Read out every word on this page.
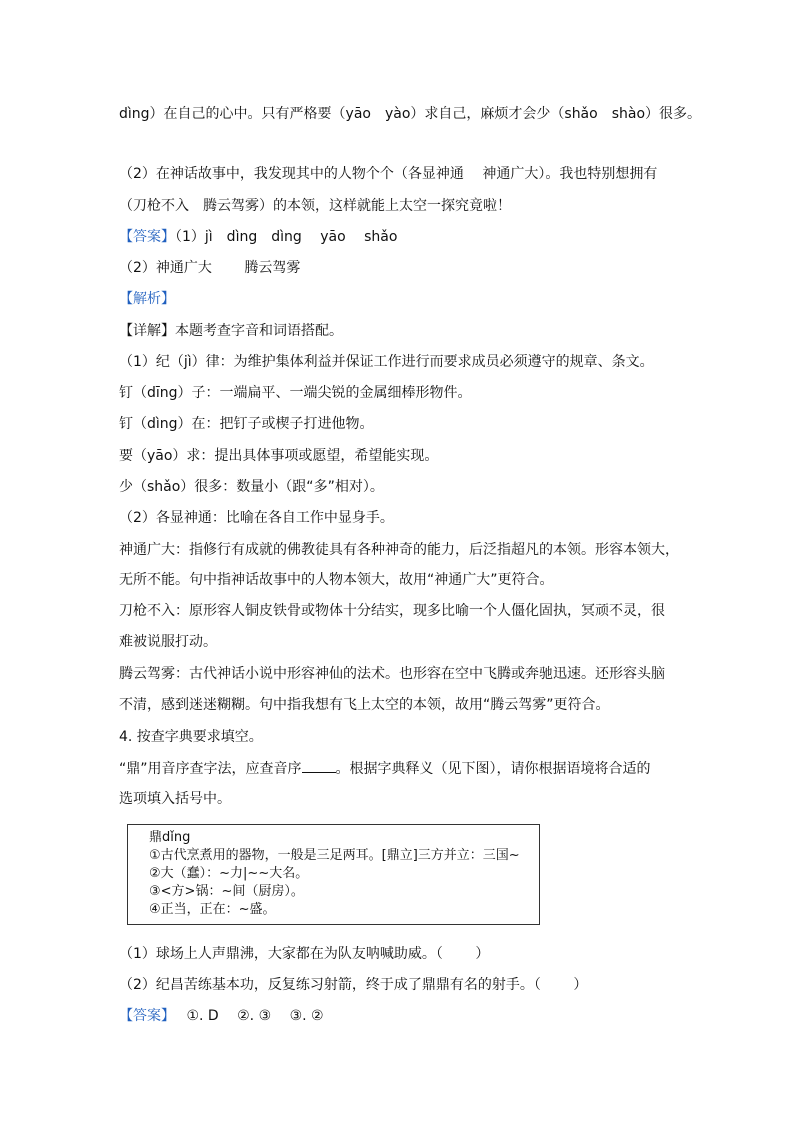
dìng）在自己的心中。只有严格要（yāo　yào）求自己，麻烦才会少（shǎo　shào）很多。
（2）在神话故事中，我发现其中的人物个个（各显神通　 神通广大）。我也特别想拥有
（刀枪不入　腾云驾雾）的本领，这样就能上太空一探究竟啦！
【答案】（1）jì　dìng　dìng　 yāo　 shǎo
（2）神通广大　　 腾云驾雾
【解析】
【详解】本题考查字音和词语搭配。
（1）纪（jì）律：为维护集体利益并保证工作进行而要求成员必须遵守的规章、条文。
钉（dīng）子：一端扁平、一端尖锐的金属细棒形物件。
钉（dìng）在：把钉子或楔子打进他物。
要（yāo）求：提出具体事项或愿望，希望能实现。
少（shǎo）很多：数量小（跟“多”相对）。
（2）各显神通：比喻在各自工作中显身手。
神通广大：指修行有成就的佛教徒具有各种神奇的能力，后泛指超凡的本领。形容本领大，
无所不能。句中指神话故事中的人物本领大，故用“神通广大”更符合。
刀枪不入：原形容人铜皮铁骨或物体十分结实，现多比喻一个人僵化固执，冥顽不灵，很
难被说服打动。
腾云驾雾：古代神话小说中形容神仙的法术。也形容在空中飞腾或奔驰迅速。还形容头脑
不清，感到迷迷糊糊。句中指我想有飞上太空的本领，故用“腾云驾雾”更符合。
4. 按查字典要求填空。
“鼎”用音序查字法，应查音序 。根据字典释义（见下图），请你根据语境将合适的
选项填入括号中。
鼎dǐng
①古代烹煮用的器物，一般是三足两耳。[鼎立]三方并立：三国~
②大（蠢）：~力|~~大名。
③<方>锅：~间（厨房）。
④正当，正在：~盛。
（1）球场上人声鼎沸，大家都在为队友呐喊助威。（　　 ）
（2）纪昌苦练基本功，反复练习射箭，终于成了鼎鼎有名的射手。（　　 ）
【答案】　 ①. D　 ②. ③　 ③. ②
